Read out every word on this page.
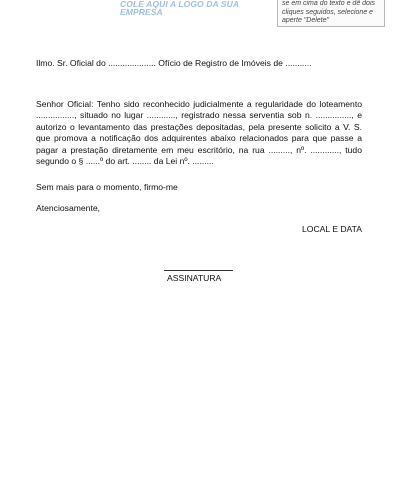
COLE AQUI A LOGO DA SUA EMPRESA
se em cima do texto e dê dois
cliques seguidos, selecione e
aperte "Delete"
Ilmo. Sr. Oficial do .................... Ofício de Registro de Imóveis de ...........
Senhor Oficial: Tenho sido reconhecido judicialmente a regularidade do loteamento ................, situado no lugar ............, registrado nessa serventia sob n. ..............., e autorizo o levantamento das prestações depositadas, pela presente solicito a V. S. que promova a notificação dos adquirentes abaixo relacionados para que passe a pagar a prestação diretamente em meu escritório, na rua ........., nº. ............, tudo segundo o § ......º do art. ........ da Lei nº. .........
Sem mais para o momento, firmo-me
Atenciosamente,
LOCAL E DATA
ASSINATURA
